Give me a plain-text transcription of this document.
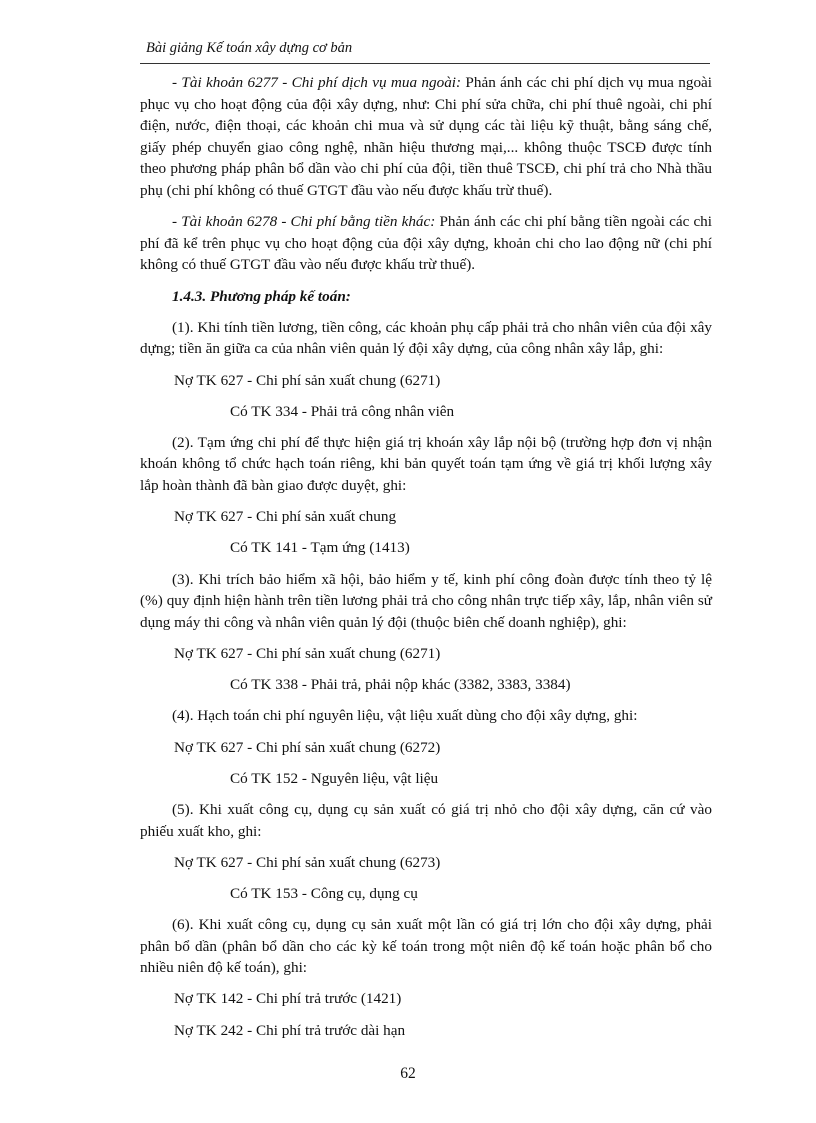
Bài giảng Kế toán xây dựng cơ bản

- Tài khoản 6277 - Chi phí dịch vụ mua ngoài: Phản ánh các chi phí dịch vụ mua ngoài phục vụ cho hoạt động của đội xây dựng, như: Chi phí sửa chữa, chi phí thuê ngoài, chi phí điện, nước, điện thoại, các khoản chi mua và sử dụng các tài liệu kỹ thuật, bằng sáng chế, giấy phép chuyển giao công nghệ, nhãn hiệu thương mại,... không thuộc TSCĐ được tính theo phương pháp phân bổ dần vào chi phí của đội, tiền thuê TSCĐ, chi phí trả cho Nhà thầu phụ (chi phí không có thuế GTGT đầu vào nếu được khấu trừ thuế).

- Tài khoản 6278 - Chi phí bằng tiền khác: Phản ánh các chi phí bằng tiền ngoài các chi phí đã kể trên phục vụ cho hoạt động của đội xây dựng, khoản chi cho lao động nữ (chi phí không có thuế GTGT đầu vào nếu được khấu trừ thuế).

1.4.3. Phương pháp kế toán:

(1). Khi tính tiền lương, tiền công, các khoản phụ cấp phải trả cho nhân viên của đội xây dựng; tiền ăn giữa ca của nhân viên quản lý đội xây dựng, của công nhân xây lắp, ghi:

Nợ TK 627 - Chi phí sản xuất chung (6271)

Có TK 334 - Phải trả công nhân viên

(2). Tạm ứng chi phí để thực hiện giá trị khoán xây lắp nội bộ (trường hợp đơn vị nhận khoán không tổ chức hạch toán riêng, khi bản quyết toán tạm ứng về giá trị khối lượng xây lắp hoàn thành đã bàn giao được duyệt, ghi:

Nợ TK 627 - Chi phí sản xuất chung

Có TK 141 - Tạm ứng (1413)

(3). Khi trích bảo hiểm xã hội, bảo hiểm y tế, kinh phí công đoàn được tính theo tỷ lệ (%) quy định hiện hành trên tiền lương phải trả cho công nhân trực tiếp xây, lắp, nhân viên sử dụng máy thi công và nhân viên quản lý đội (thuộc biên chế doanh nghiệp), ghi:

Nợ TK 627 - Chi phí sản xuất chung (6271)

Có TK 338 - Phải trả, phải nộp khác (3382, 3383, 3384)

(4). Hạch toán chi phí nguyên liệu, vật liệu xuất dùng cho đội xây dựng, ghi:

Nợ TK 627 - Chi phí sản xuất chung (6272)

Có TK 152 - Nguyên liệu, vật liệu

(5). Khi xuất công cụ, dụng cụ sản xuất có giá trị nhỏ cho đội xây dựng, căn cứ vào phiếu xuất kho, ghi:

Nợ TK 627 - Chi phí sản xuất chung (6273)

Có TK 153 - Công cụ, dụng cụ

(6). Khi xuất công cụ, dụng cụ sản xuất một lần có giá trị lớn cho đội xây dựng, phải phân bổ dần (phân bổ dần cho các kỳ kế toán trong một niên độ kế toán hoặc phân bổ cho nhiều niên độ kế toán), ghi:

Nợ TK 142 - Chi phí trả trước (1421)

Nợ TK 242 - Chi phí trả trước dài hạn

62
